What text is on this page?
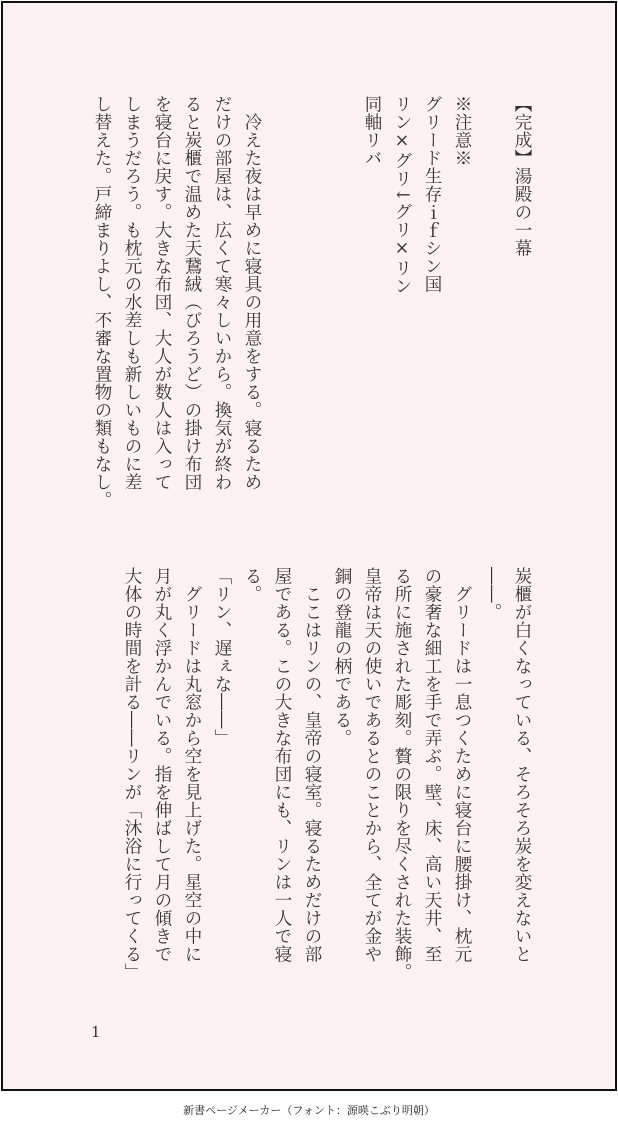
【完成】湯殿の一幕

※注意※
グリード生存ｉｆシン国
リン×グリ↓グリ×リン
同軸リバ

　冷えた夜は早めに寝具の用意をする。寝るため
だけの部屋は、広くて寒々しいから。換気が終わ
ると炭櫃で温めた天鵞絨（びろうど）の掛け布団
を寝台に戻す。大きな布団、大人が数人は入って
しまうだろう。も枕元の水差しも新しいものに差
し替えた。戸締まりよし、不審な置物の類もなし。
炭櫃が白くなっている、そろそろ炭を変えないと
――。
　グリードは一息つくために寝台に腰掛け、枕元
の豪奢な細工を手で弄ぶ。壁、床、高い天井、至
る所に施された彫刻。贅の限りを尽くされた装飾。
皇帝は天の使いであるとのことから、全てが金や
銅の登龍の柄である。
　ここはリンの、皇帝の寝室。寝るためだけの部
屋である。この大きな布団にも、リンは一人で寝
る。
「リン、遅ぇな――」
　グリードは丸窓から空を見上げた。星空の中に
月が丸く浮かんでいる。指を伸ばして月の傾きで
大体の時間を計る――リンが「沐浴に行ってくる」
1
新書ページメーカー（フォント：源暎こぶり明朝）
